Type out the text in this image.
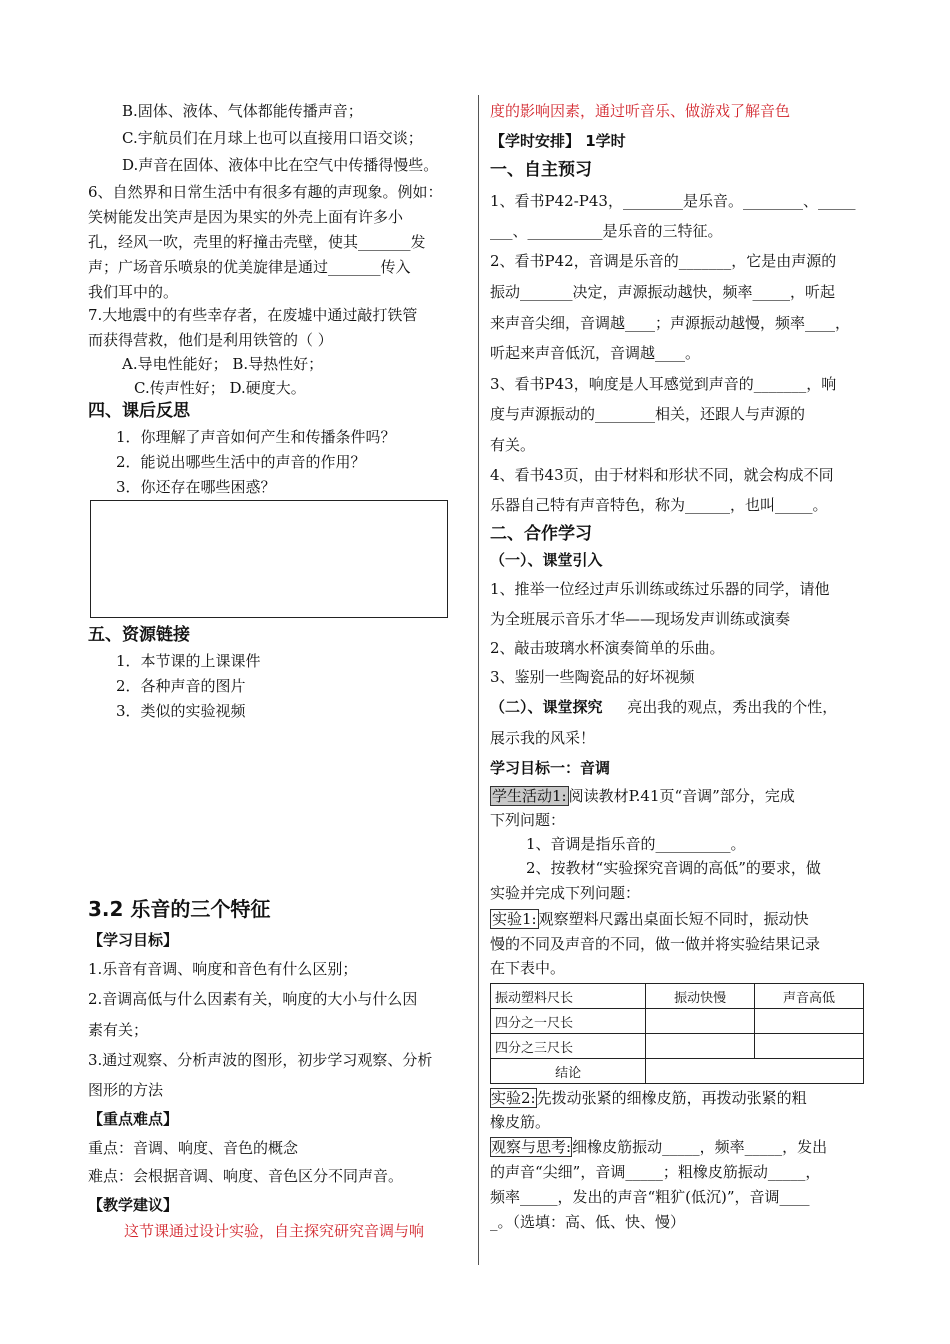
B.固体、液体、气体都能传播声音；
C.宇航员们在月球上也可以直接用口语交谈；
D.声音在固体、液体中比在空气中传播得慢些。
6、自然界和日常生活中有很多有趣的声现象。例如：
笑树能发出笑声是因为果实的外壳上面有许多小
孔，经风一吹，壳里的籽撞击壳壁，使其_______发
声；广场音乐喷泉的优美旋律是通过_______传入
我们耳中的。
7.大地震中的有些幸存者，在废墟中通过敲打铁管
而获得营救，他们是利用铁管的（ ）
A.导电性能好； B.导热性好；
C.传声性好； D.硬度大。
四、课后反思
1．你理解了声音如何产生和传播条件吗？
2．能说出哪些生活中的声音的作用？
3．你还存在哪些困惑？
五、资源链接
1．本节课的上课课件
2．各种声音的图片
3．类似的实验视频
3.2 乐音的三个特征
【学习目标】
1.乐音有音调、响度和音色有什么区别；
2.音调高低与什么因素有关，响度的大小与什么因
素有关；
3.通过观察、分析声波的图形，初步学习观察、分析
图形的方法
【重点难点】
重点：音调、响度、音色的概念
难点：会根据音调、响度、音色区分不同声音。
【教学建议】
这节课通过设计实验，自主探究研究音调与响
度的影响因素，通过听音乐、做游戏了解音色
【学时安排】 1学时
一、自主预习
1、看书P42-P43，________是乐音。________、_____
___、__________是乐音的三特征。
2、看书P42，音调是乐音的_______，它是由声源的
振动_______决定，声源振动越快，频率_____，听起
来声音尖细，音调越____；声源振动越慢，频率____，
听起来声音低沉，音调越____。
3、看书P43，响度是人耳感觉到声音的_______，响
度与声源振动的________相关，还跟人与声源的
有关。
4、看书43页，由于材料和形状不同，就会构成不同
乐器自己特有声音特色，称为______，也叫_____。
二、合作学习
（一）、课堂引入
1、推举一位经过声乐训练或练过乐器的同学，请他
为全班展示音乐才华——现场发声训练或演奏
2、敲击玻璃水杯演奏简单的乐曲。
3、鉴别一些陶瓷品的好坏视频
（二）、课堂探究 亮出我的观点，秀出我的个性，
展示我的风采！
学习目标一：音调
学生活动1: 阅读教材P.41页“音调”部分，完成
下列问题：
1、音调是指乐音的__________。
2、按教材“实验探究音调的高低”的要求，做
实验并完成下列问题：
实验1: 观察塑料尺露出桌面长短不同时，振动快
慢的不同及声音的不同，做一做并将实验结果记录
在下表中。
振动塑料尺长	振动快慢	声音高低
四分之一尺长		
四分之三尺长		
结论		
实验2:先拨动张紧的细橡皮筋，再拨动张紧的粗
橡皮筋。
观察与思考:细橡皮筋振动_____，频率_____，发出
的声音“尖细”，音调_____；粗橡皮筋振动_____，
频率_____，发出的声音“粗犷(低沉)”，音调____
_。（选填：高、低、快、慢）
